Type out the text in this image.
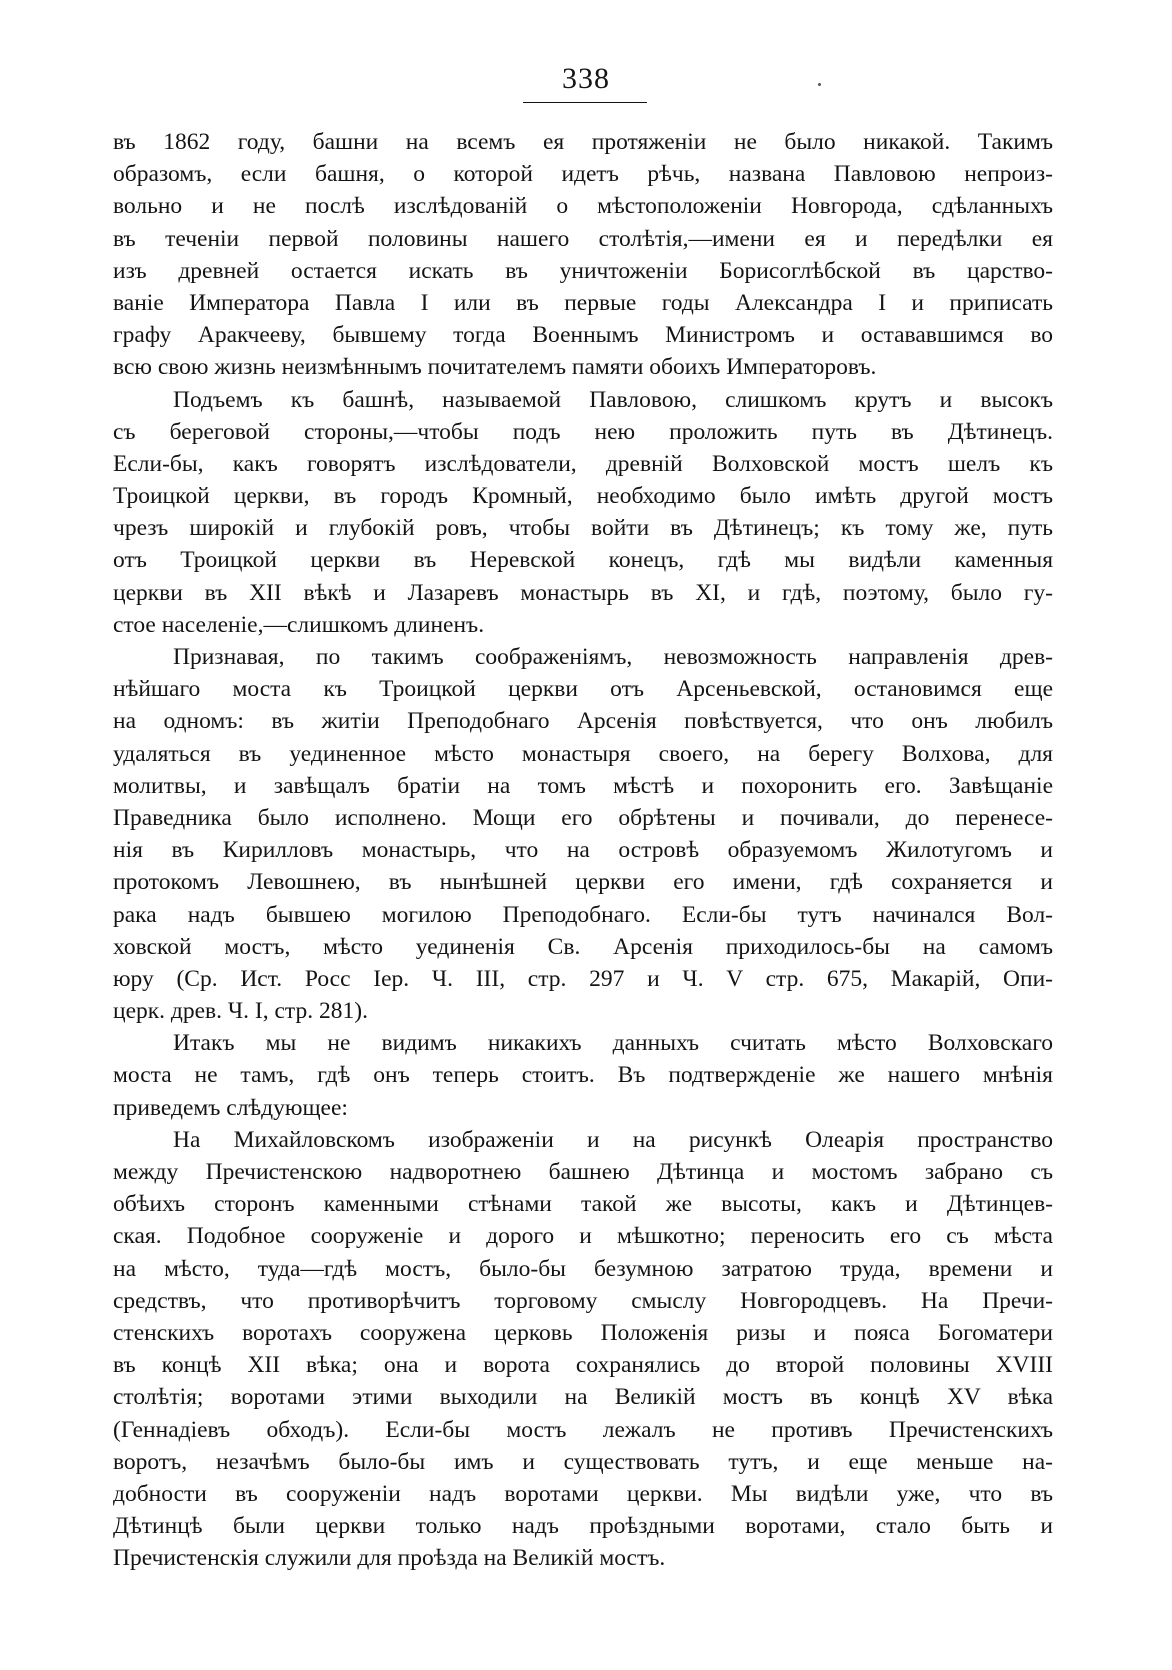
338
въ 1862 году, башни на всемъ ея протяженіи не было никакой. Такимъ
образомъ, если башня, о которой идетъ рѣчь, названа Павловою непроиз-
вольно и не послѣ изслѣдованій о мѣстоположеніи Новгорода, сдѣланныхъ
въ теченіи первой половины нашего столѣтія,—имени ея и передѣлки ея
изъ древней остается искать въ уничтоженіи Борисоглѣбской въ царство-
ваніе Императора Павла I или въ первые годы Александра I и приписать
графу Аракчееву, бывшему тогда Военнымъ Министромъ и остававшимся во
всю свою жизнь неизмѣннымъ почитателемъ памяти обоихъ Императоровъ.
Подъемъ къ башнѣ, называемой Павловою, слишкомъ крутъ и высокъ
съ береговой стороны,—чтобы подъ нею проложить путь въ Дѣтинецъ.
Если-бы, какъ говорятъ изслѣдователи, древній Волховской мостъ шелъ къ
Троицкой церкви, въ городъ Кромный, необходимо было имѣть другой мостъ
чрезъ широкій и глубокій ровъ, чтобы войти въ Дѣтинецъ; къ тому же, путь
отъ Троицкой церкви въ Неревской конецъ, гдѣ мы видѣли каменныя
церкви въ XII вѣкѣ и Лазаревъ монастырь въ XI, и гдѣ, поэтому, было гу-
стое населеніе,—слишкомъ длиненъ.
Признавая, по такимъ соображеніямъ, невозможность направленія древ-
нѣйшаго моста къ Троицкой церкви отъ Арсеньевской, остановимся еще
на одномъ: въ житіи Преподобнаго Арсенія повѣствуется, что онъ любилъ
удаляться въ уединенное мѣсто монастыря своего, на берегу Волхова, для
молитвы, и завѣщалъ братіи на томъ мѣстѣ и похоронить его. Завѣщаніе
Праведника было исполнено. Мощи его обрѣтены и почивали, до перенесе-
нія въ Кирилловъ монастырь, что на островѣ образуемомъ Жилотугомъ и
протокомъ Левошнею, въ нынѣшней церкви его имени, гдѣ сохраняется и
рака надъ бывшею могилою Преподобнаго. Если-бы тутъ начинался Вол-
ховской мостъ, мѣсто уединенія Св. Арсенія приходилось-бы на самомъ
юру (Ср. Ист. Росс Іер. Ч. III, стр. 297 и Ч. V стр. 675, Макарій, Опи-
церк. древ. Ч. I, стр. 281).
Итакъ мы не видимъ никакихъ данныхъ считать мѣсто Волховскаго
моста не тамъ, гдѣ онъ теперь стоитъ. Въ подтвержденіе же нашего мнѣнія
приведемъ слѣдующее:
На Михайловскомъ изображеніи и на рисункѣ Олеарія пространство
между Пречистенскою надворотнею башнею Дѣтинца и мостомъ забрано съ
обѣихъ сторонъ каменными стѣнами такой же высоты, какъ и Дѣтинцев-
ская. Подобное сооруженіе и дорого и мѣшкотно; переносить его съ мѣста
на мѣсто, туда—гдѣ мостъ, было-бы безумною затратою труда, времени и
средствъ, что противорѣчитъ торговому смыслу Новгородцевъ. На Пречи-
стенскихъ воротахъ сооружена церковь Положенія ризы и пояса Богоматери
въ концѣ XII вѣка; она и ворота сохранялись до второй половины XVIII
столѣтія; воротами этими выходили на Великій мостъ въ концѣ XV вѣка
(Геннадіевъ обходъ). Если-бы мостъ лежалъ не противъ Пречистенскихъ
воротъ, незачѣмъ было-бы имъ и существовать тутъ, и еще меньше на-
добности въ сооруженіи надъ воротами церкви. Мы видѣли уже, что въ
Дѣтинцѣ были церкви только надъ проѣздными воротами, стало быть и
Пречистенскія служили для проѣзда на Великій мостъ.
